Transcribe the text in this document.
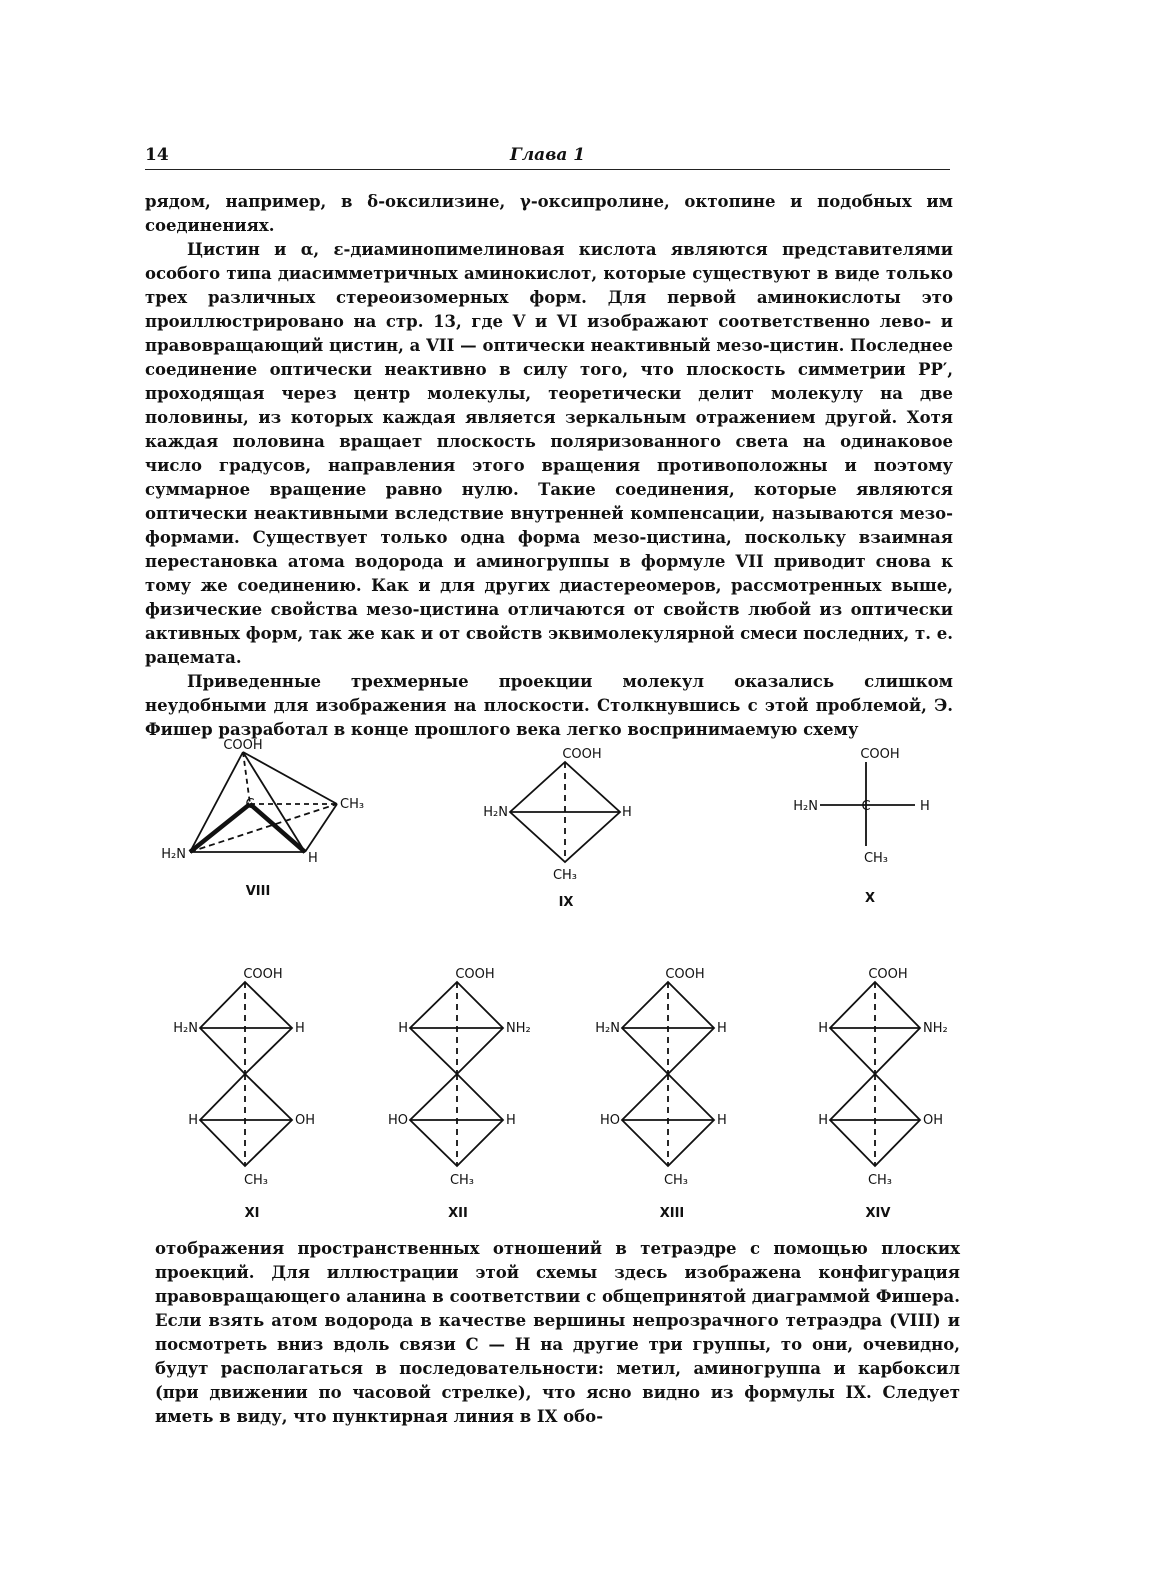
14	Глава 1

рядом, например, в δ-оксилизине, γ-оксипролине, октопине и подобных им соединениях.

Цистин и α, ε-диаминопимелиновая кислота являются представителями особого типа диасимметричных аминокислот, которые существуют в виде только трех различных стереоизомерных форм. Для первой аминокислоты это проиллюстрировано на стр. 13, где V и VI изображают соответственно лево- и правовращающий цистин, а VII — оптически неактивный мезо-цистин. Последнее соединение оптически неактивно в силу того, что плоскость симметрии PP′, проходящая через центр молекулы, теоретически делит молекулу на две половины, из которых каждая является зеркальным отражением другой. Хотя каждая половина вращает плоскость поляризованного света на одинаковое число градусов, направления этого вращения противоположны и поэтому суммарное вращение равно нулю. Такие соединения, которые являются оптически неактивными вследствие внутренней компенсации, называются мезо-формами. Существует только одна форма мезо-цистина, поскольку взаимная перестановка атома водорода и аминогруппы в формуле VII приводит снова к тому же соединению. Как и для других диастереомеров, рассмотренных выше, физические свойства мезо-цистина отличаются от свойств любой из оптически активных форм, так же как и от свойств эквимолекулярной смеси последних, т. е. рацемата.

Приведенные трехмерные проекции молекул оказались слишком неудобными для изображения на плоскости. Столкнувшись с этой проблемой, Э. Фишер разработал в конце прошлого века легко воспринимаемую схему

COOH
C	CH₃
H₂N	H
VIII
COOH
H₂N	H
CH₃
IX
COOH
H₂N	C	H
CH₃
X
COOH
H₂N	H
H	OH
CH₃
XI
COOH
H	NH₂
HO	H
CH₃
XII
COOH
H₂N	H
HO	H
CH₃
XIII
COOH
H	NH₂
H	OH
CH₃
XIV

отображения пространственных отношений в тетраэдре с помощью плоских проекций. Для иллюстрации этой схемы здесь изображена конфигурация правовращающего аланина в соответствии с общепринятой диаграммой Фишера. Если взять атом водорода в качестве вершины непрозрачного тетраэдра (VIII) и посмотреть вниз вдоль связи C — H на другие три группы, то они, очевидно, будут располагаться в последовательности: метил, аминогруппа и карбоксил (при движении по часовой стрелке), что ясно видно из формулы IX. Следует иметь в виду, что пунктирная линия в IX обо-
